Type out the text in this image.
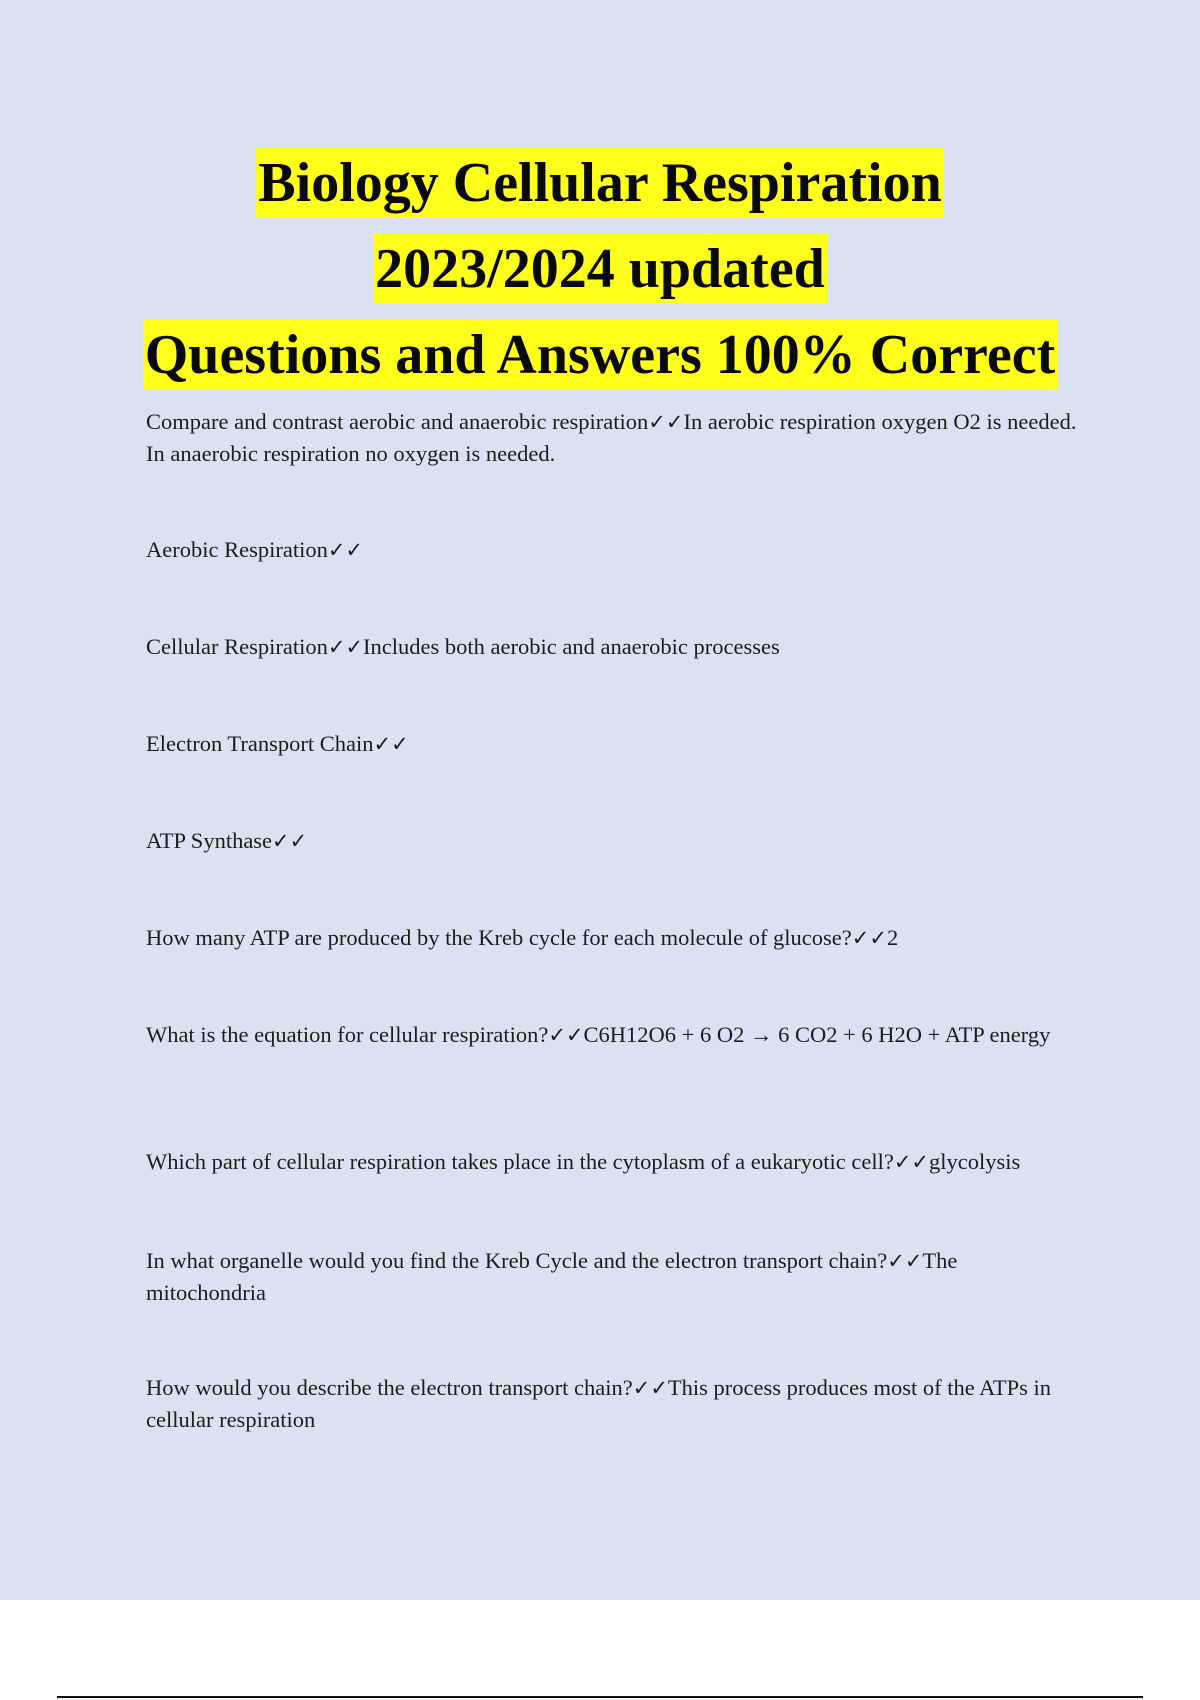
Biology Cellular Respiration
2023/2024 updated
Questions and Answers 100% Correct
Compare and contrast aerobic and anaerobic respiration✓✓In aerobic respiration oxygen O2 is needed. In anaerobic respiration no oxygen is needed.
Aerobic Respiration✓✓
Cellular Respiration✓✓Includes both aerobic and anaerobic processes
Electron Transport Chain✓✓
ATP Synthase✓✓
How many ATP are produced by the Kreb cycle for each molecule of glucose?✓✓2
What is the equation for cellular respiration?✓✓C6H12O6 + 6 O2 → 6 CO2 + 6 H2O + ATP energy
Which part of cellular respiration takes place in the cytoplasm of a eukaryotic cell?✓✓glycolysis
In what organelle would you find the Kreb Cycle and the electron transport chain?✓✓The mitochondria
How would you describe the electron transport chain?✓✓This process produces most of the ATPs in cellular respiration
